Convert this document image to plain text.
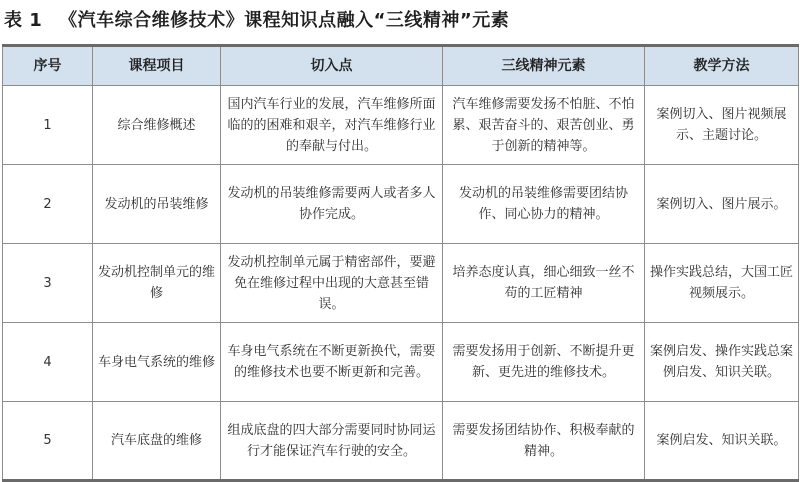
表 1 《汽车综合维修技术》课程知识点融入“三线精神”元素
序号	课程项目	切入点	三线精神元素	教学方法
1	综合维修概述	国内汽车行业的发展，汽车维修所面临的的困难和艰辛，对汽车维修行业的奉献与付出。	汽车维修需要发扬不怕脏、不怕累、艰苦奋斗的、艰苦创业、勇于创新的精神等。	案例切入、图片视频展示、主题讨论。
2	发动机的吊装维修	发动机的吊装维修需要两人或者多人协作完成。	发动机的吊装维修需要团结协作、同心协力的精神。	案例切入、图片展示。
3	发动机控制单元的维修	发动机控制单元属于精密部件，要避免在维修过程中出现的大意甚至错误。	培养态度认真，细心细致一丝不苟的工匠精神	操作实践总结，大国工匠视频展示。
4	车身电气系统的维修	车身电气系统在不断更新换代，需要的维修技术也要不断更新和完善。	需要发扬用于创新、不断提升更新、更先进的维修技术。	案例启发、操作实践总案例启发、知识关联。
5	汽车底盘的维修	组成底盘的四大部分需要同时协同运行才能保证汽车行驶的安全。	需要发扬团结协作、积极奉献的精神。	案例启发、知识关联。
